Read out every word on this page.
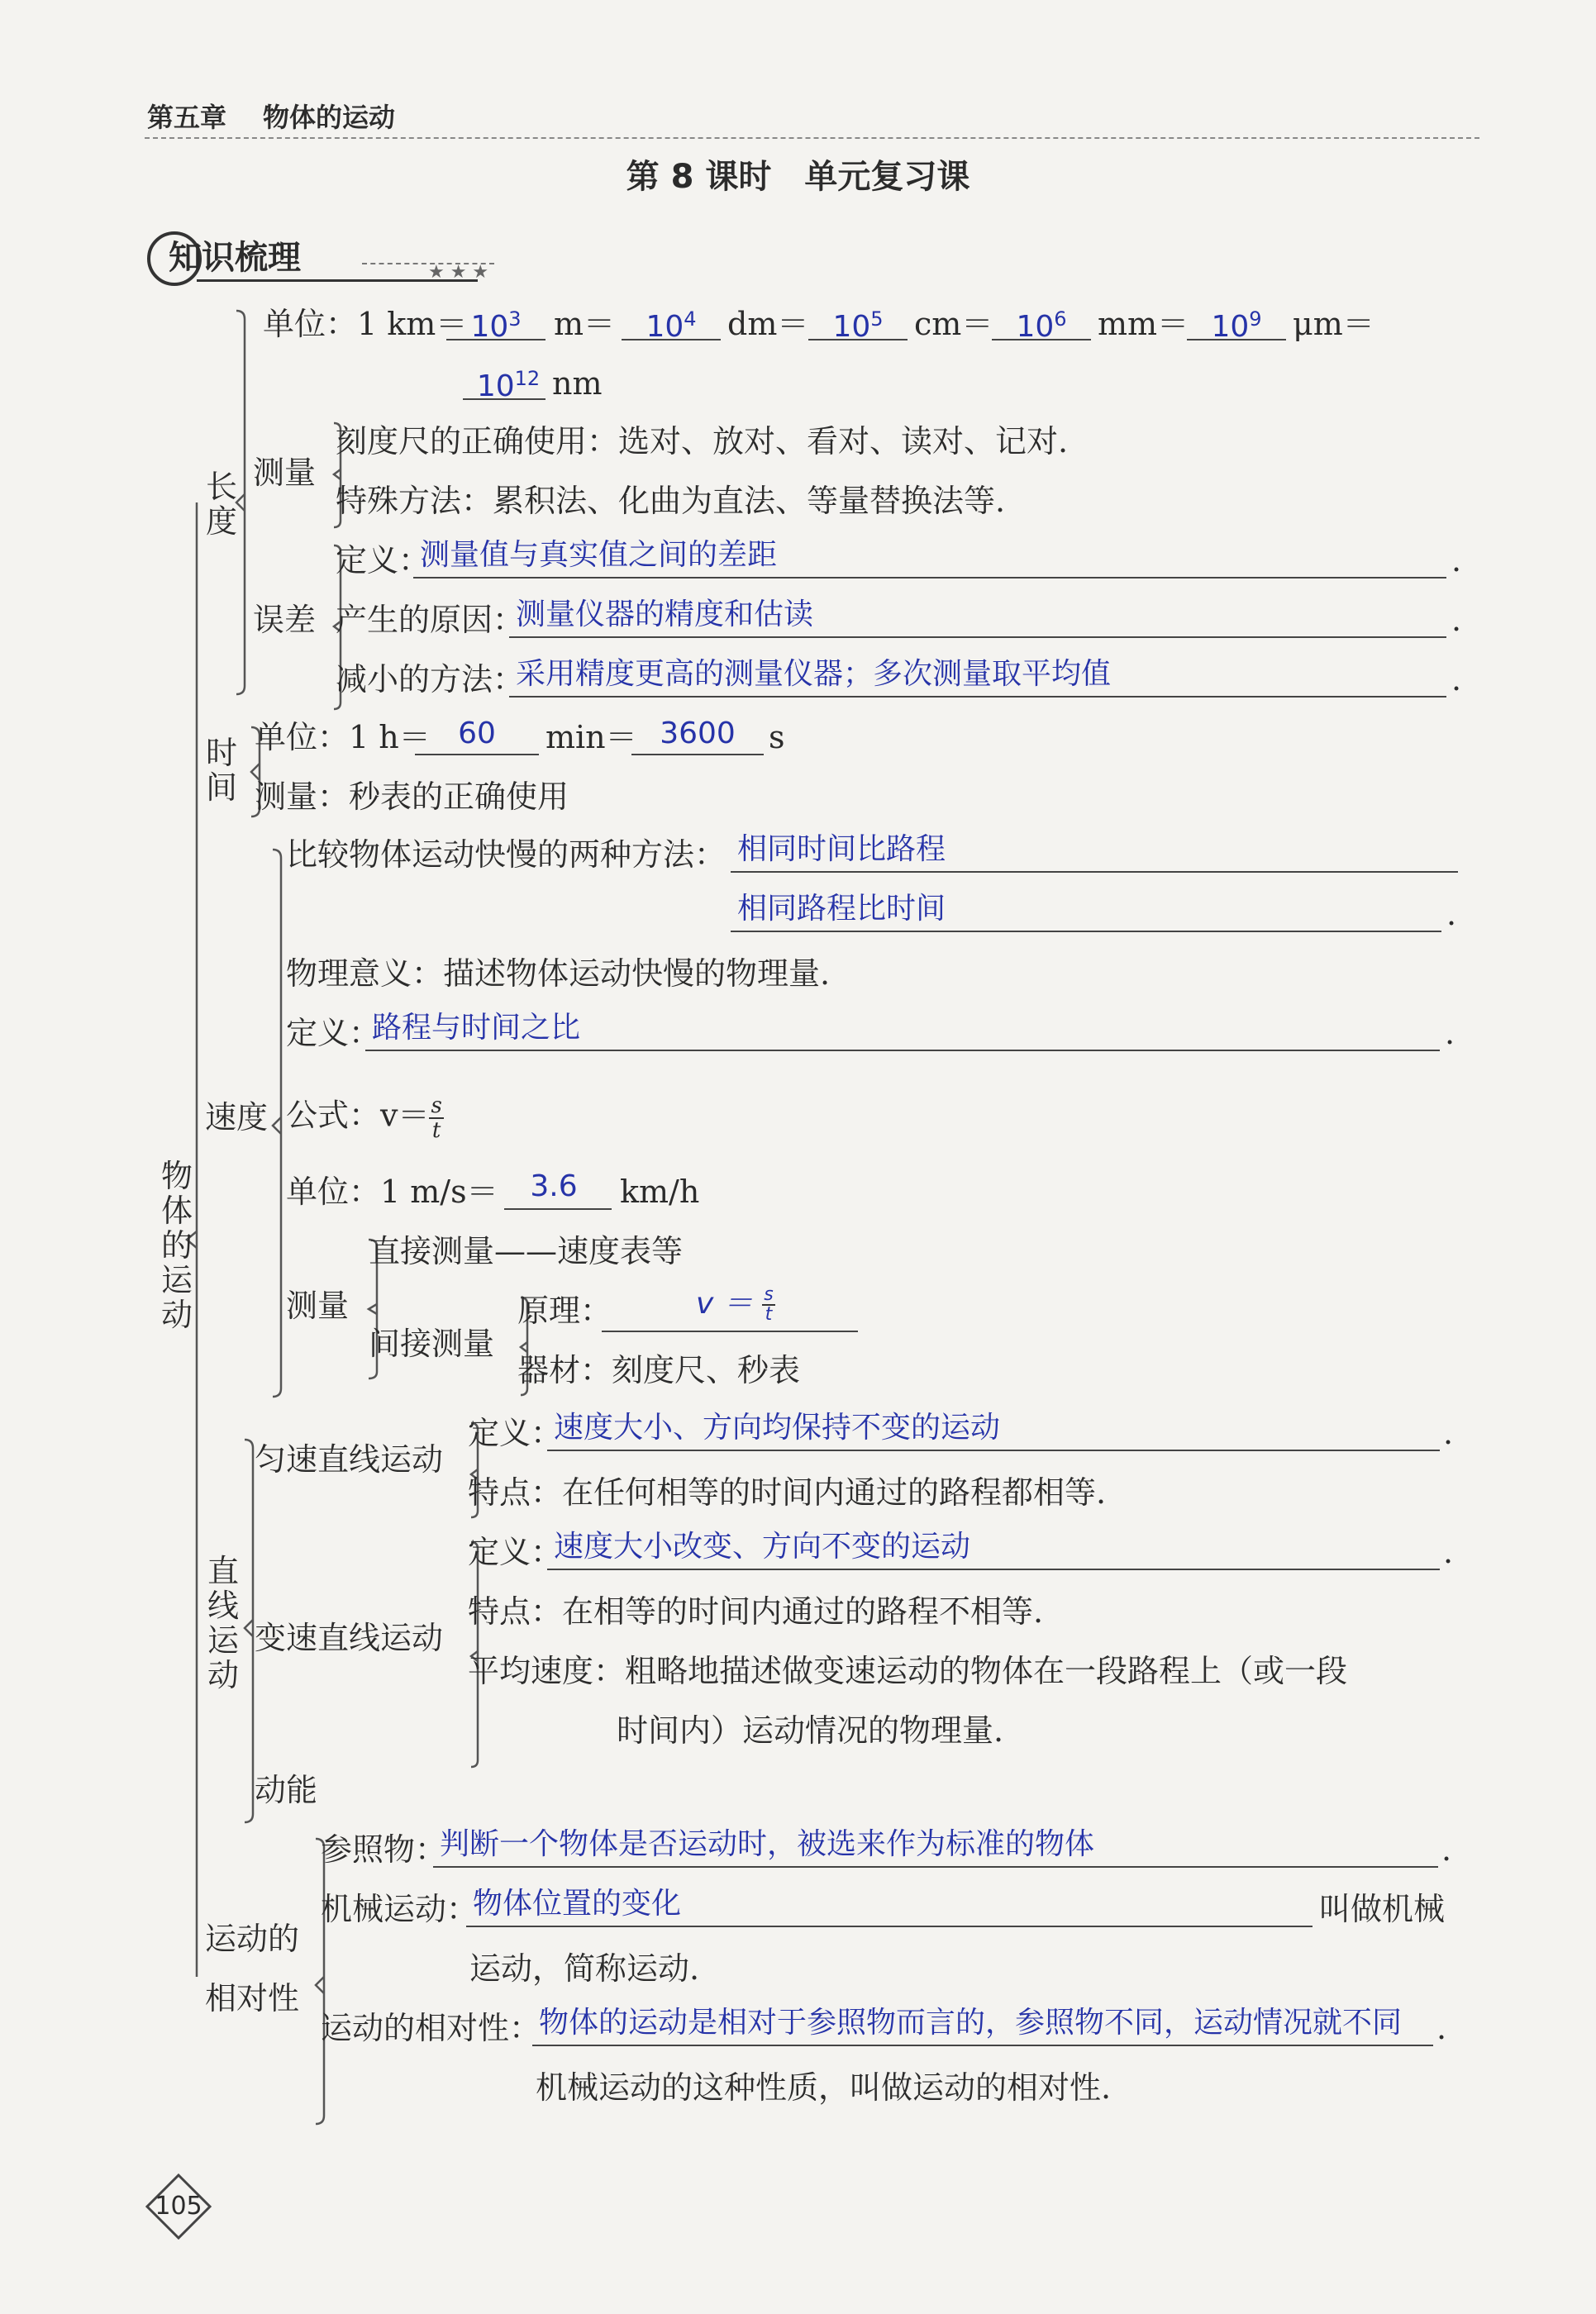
第五章 物体的运动
第 8 课时　单元复习课
知识梳理	★ ★ ★
物体的运动
长度
单位：1 $km= 10^3$	m＝	$10^4$ $dm= 10^5$ $cm= 10^6$ $mm= 10^9$ μm＝
$10^{12}$ nm
测量
刻度尺的正确使用：选对、放对、看对、读对、记对.
特殊方法：累积法、化曲为直法、等量替换法等.
误差
定义：
测量值与真实值之间的差距	.
产生的原因：
测量仪器的精度和估读	.
减小的方法：
采用精度更高的测量仪器；多次测量取平均值	.
时间
单位：1 h＝ 60	min＝ 3600	s
测量：秒表的正确使用
速度
比较物体运动快慢的两种方法： 相同时间比路程
相同路程比时间	.
物理意义：描述物体运动快慢的物理量.
定义：
路程与时间之比	.
公式：$v= \frac{s}{t}$
单位：1 m/s＝	3.6	km/h
测量
直接测量——速度表等
间接测量
原理：	$v = \frac{s}{t}$
器材：刻度尺、秒表
直线运动
匀速直线运动
定义：
速度大小、方向均保持不变的运动	.
特点：在任何相等的时间内通过的路程都相等.
变速直线运动
定义：
速度大小改变、方向不变的运动	.
特点：在相等的时间内通过的路程不相等.
平均速度：粗略地描述做变速运动的物体在一段路程上（或一段
时间内）运动情况的物理量.
动能
运动的
相对性
参照物：
判断一个物体是否运动时，被选来作为标准的物体	.
机械运动：
物体位置的变化	叫做机械
运动，简称运动.
运动的相对性：
物体的运动是相对于参照物而言的，参照物不同，运动情况就不同 .
机械运动的这种性质，叫做运动的相对性.
105
